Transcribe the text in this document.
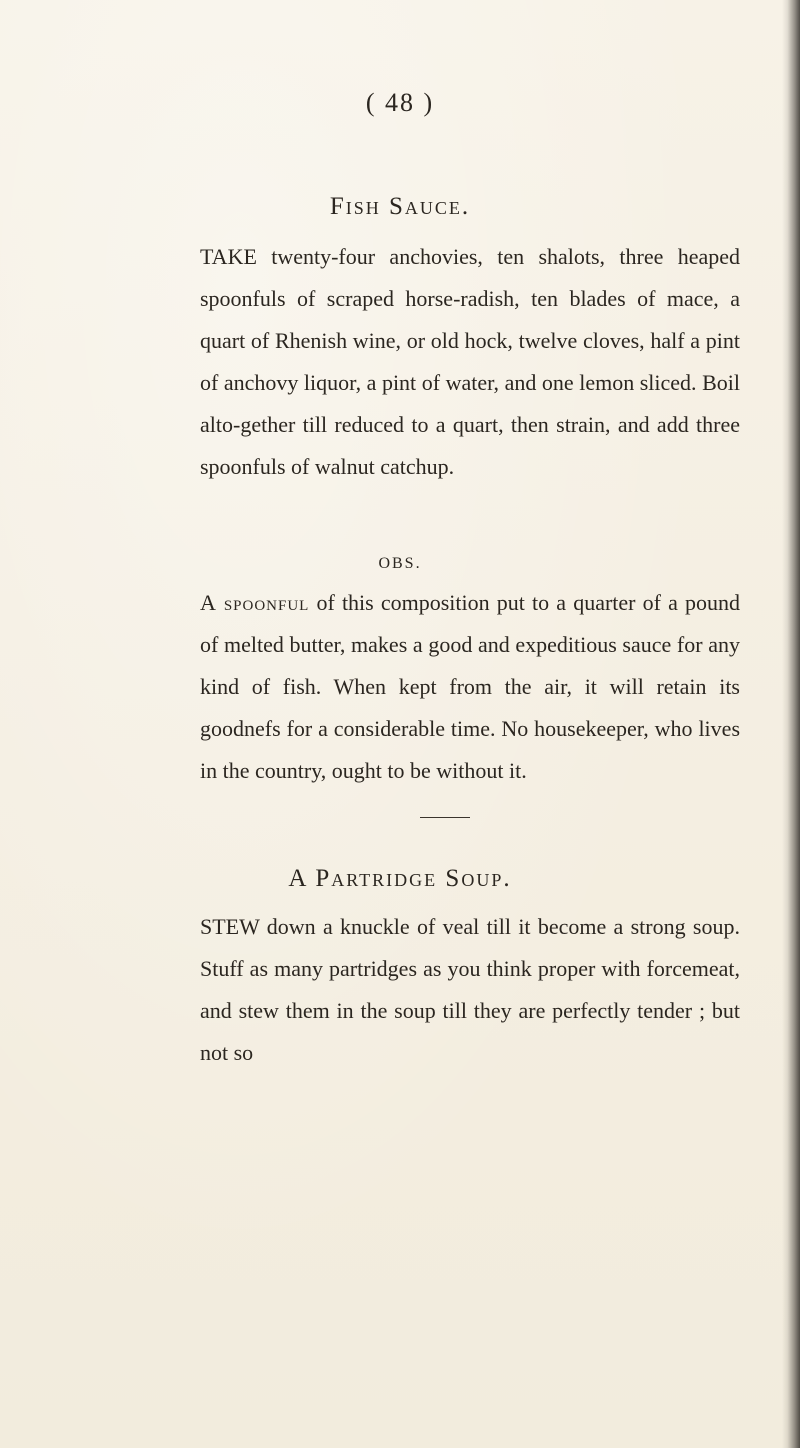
( 48 )
Fish Sauce.

TAKE twenty-four anchovies, ten shalots, three heaped spoonfuls of scraped horse-radish, ten blades of mace, a quart of Rhenish wine, or old hock, twelve cloves, half a pint of anchovy liquor, a pint of water, and one lemon sliced. Boil alto-gether till reduced to a quart, then strain, and add three spoonfuls of walnut catchup.

OBS.

A spoonful of this composition put to a quarter of a pound of melted butter, makes a good and expeditious sauce for any kind of fish. When kept from the air, it will retain its goodnefs for a considerable time. No housekeeper, who lives in the country, ought to be without it.

A Partridge Soup.

STEW down a knuckle of veal till it become a strong soup. Stuff as many partridges as you think proper with forcemeat, and stew them in the soup till they are perfectly tender ; but not so
